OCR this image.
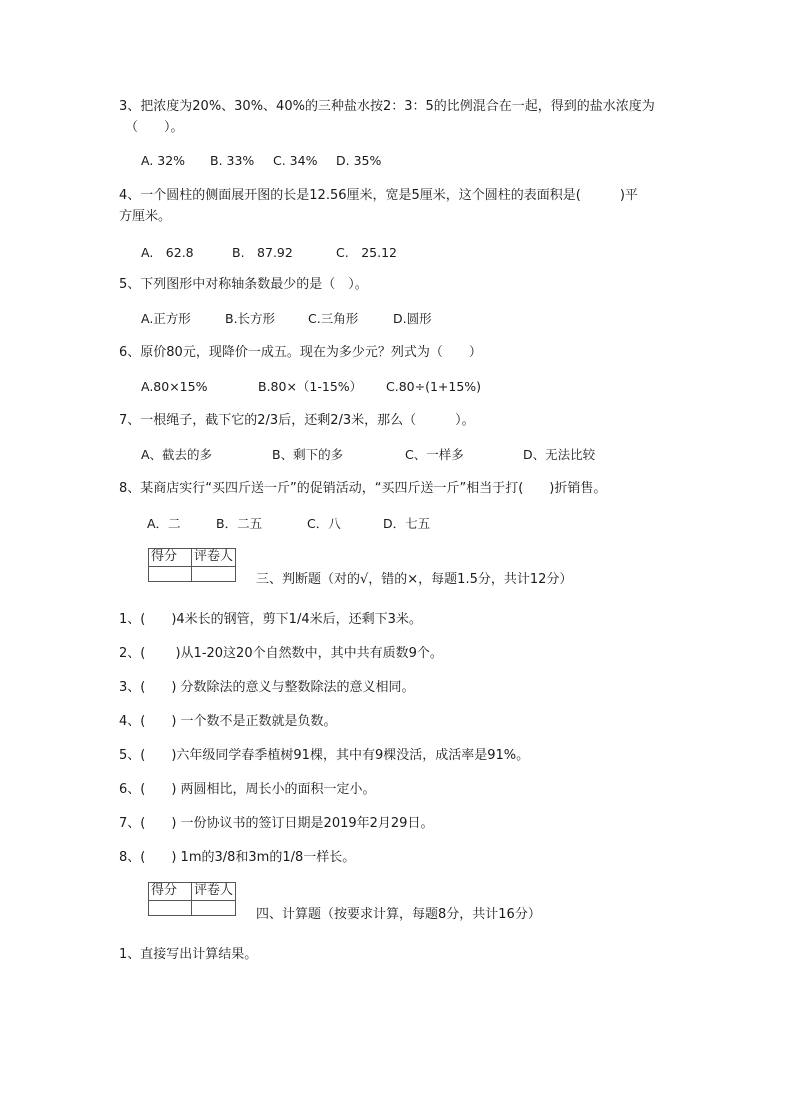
3、把浓度为20%、30%、40%的三种盐水按2：3：5的比例混合在一起，得到的盐水浓度为
（　　）。
A. 32% B. 33% C. 34% D. 35%
4、一个圆柱的侧面展开图的长是12.56厘米，宽是5厘米，这个圆柱的表面积是(　　　)平
方厘米。
A.　62.8	B.　87.92	C.　25.12
5、下列图形中对称轴条数最少的是（　）。
A.正方形	B.长方形	C.三角形	D.圆形
6、原价80元，现降价一成五。现在为多少元？列式为（　　）
A.80×15%	B.80×（1-15%） C.80÷(1+15%)
7、一根绳子，截下它的2/3后，还剩2/3米，那么（　　　）。
A、截去的多	B、剩下的多	C、一样多	D、无法比较
8、某商店实行“买四斤送一斤”的促销活动，“买四斤送一斤”相当于打(　　)折销售。
A．二	B．二五	C．八	D．七五
得分	评卷人

三、判断题（对的√，错的×，每题1.5分，共计12分）
1、(　　)4米长的钢管，剪下1/4米后，还剩下3米。
2、(　　 )从1-20这20个自然数中，其中共有质数9个。
3、(　　) 分数除法的意义与整数除法的意义相同。
4、(　　) 一个数不是正数就是负数。
5、(　　)六年级同学春季植树91棵，其中有9棵没活，成活率是91%。
6、(　　) 两圆相比，周长小的面积一定小。
7、(　　) 一份协议书的签订日期是2019年2月29日。
8、(　　) 1m的3/8和3m的1/8一样长。
得分	评卷人

四、计算题（按要求计算，每题8分，共计16分）
1、直接写出计算结果。
